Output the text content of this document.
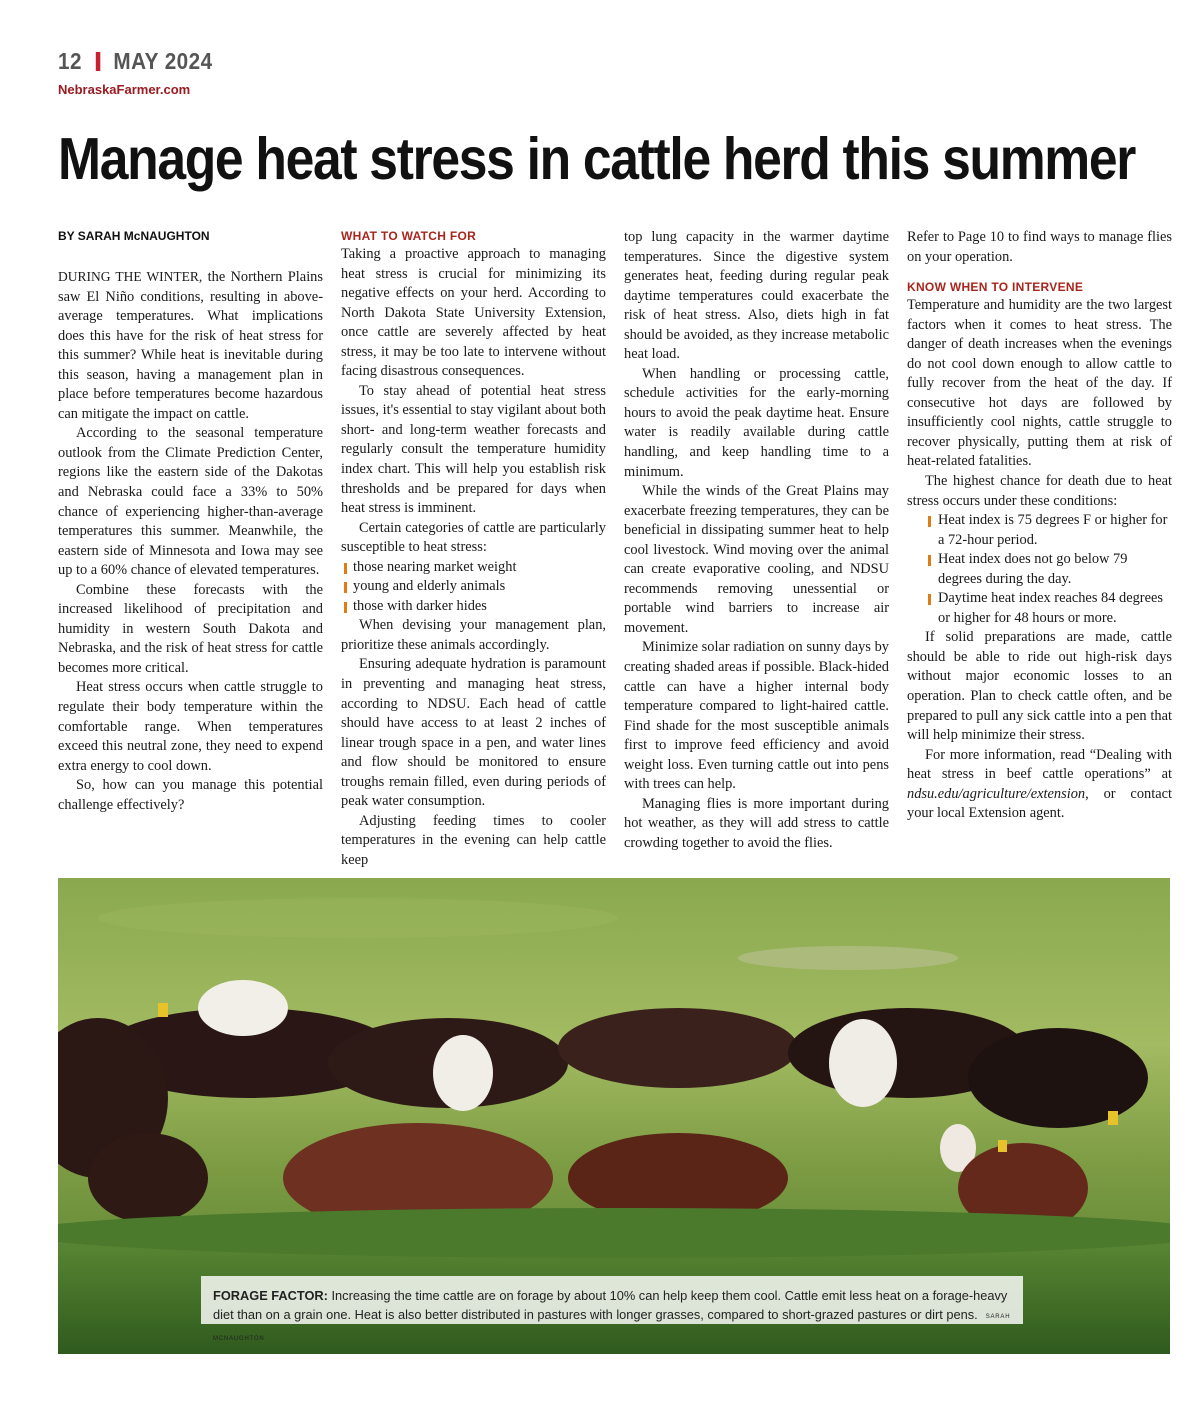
12 MAY 2024
NebraskaFarmer.com
Manage heat stress in cattle herd this summer
BY SARAH McNAUGHTON

DURING THE WINTER, the Northern Plains saw El Niño conditions, resulting in above-average temperatures. What implications does this have for the risk of heat stress for this summer? While heat is inevitable during this season, having a management plan in place before temperatures become hazardous can mitigate the impact on cattle.

According to the seasonal temperature outlook from the Climate Prediction Center, regions like the eastern side of the Dakotas and Nebraska could face a 33% to 50% chance of experiencing higher-than-average temperatures this summer. Meanwhile, the eastern side of Minnesota and Iowa may see up to a 60% chance of elevated temperatures.

Combine these forecasts with the increased likelihood of precipitation and humidity in western South Dakota and Nebraska, and the risk of heat stress for cattle becomes more critical.

Heat stress occurs when cattle struggle to regulate their body temperature within the comfortable range. When temperatures exceed this neutral zone, they need to expend extra energy to cool down.

So, how can you manage this potential challenge effectively?

WHAT TO WATCH FOR

Taking a proactive approach to managing heat stress is crucial for minimizing its negative effects on your herd. According to North Dakota State University Extension, once cattle are severely affected by heat stress, it may be too late to intervene without facing disastrous consequences.

To stay ahead of potential heat stress issues, it's essential to stay vigilant about both short- and long-term weather forecasts and regularly consult the temperature humidity index chart. This will help you establish risk thresholds and be prepared for days when heat stress is imminent.

Certain categories of cattle are particularly susceptible to heat stress:

those nearing market weight
young and elderly animals
those with darker hides

When devising your management plan, prioritize these animals accordingly.

Ensuring adequate hydration is paramount in preventing and managing heat stress, according to NDSU. Each head of cattle should have access to at least 2 inches of linear trough space in a pen, and water lines and flow should be monitored to ensure troughs remain filled, even during periods of peak water consumption.

Adjusting feeding times to cooler temperatures in the evening can help cattle keep

top lung capacity in the warmer daytime temperatures. Since the digestive system generates heat, feeding during regular peak daytime temperatures could exacerbate the risk of heat stress. Also, diets high in fat should be avoided, as they increase metabolic heat load.

When handling or processing cattle, schedule activities for the early-morning hours to avoid the peak daytime heat. Ensure water is readily available during cattle handling, and keep handling time to a minimum.

While the winds of the Great Plains may exacerbate freezing temperatures, they can be beneficial in dissipating summer heat to help cool livestock. Wind moving over the animal can create evaporative cooling, and NDSU recommends removing unessential or portable wind barriers to increase air movement.

Minimize solar radiation on sunny days by creating shaded areas if possible. Black-hided cattle can have a higher internal body temperature compared to light-haired cattle. Find shade for the most susceptible animals first to improve feed efficiency and avoid weight loss. Even turning cattle out into pens with trees can help.

Managing flies is more important during hot weather, as they will add stress to cattle crowding together to avoid the flies.

Refer to Page 10 to find ways to manage flies on your operation.

KNOW WHEN TO INTERVENE

Temperature and humidity are the two largest factors when it comes to heat stress. The danger of death increases when the evenings do not cool down enough to allow cattle to fully recover from the heat of the day. If consecutive hot days are followed by insufficiently cool nights, cattle struggle to recover physically, putting them at risk of heat-related fatalities.

The highest chance for death due to heat stress occurs under these conditions:

Heat index is 75 degrees F or higher for a 72-hour period.
Heat index does not go below 79 degrees during the day.
Daytime heat index reaches 84 degrees or higher for 48 hours or more.

If solid preparations are made, cattle should be able to ride out high-risk days without major economic losses to an operation. Plan to check cattle often, and be prepared to pull any sick cattle into a pen that will help minimize their stress.

For more information, read “Dealing with heat stress in beef cattle operations” at ndsu.edu/agriculture/extension, or contact your local Extension agent.

FORAGE FACTOR: Increasing the time cattle are on forage by about 10% can help keep them cool. Cattle emit less heat on a forage-heavy diet than on a grain one. Heat is also better distributed in pastures with longer grasses, compared to short-grazed pastures or dirt pens. SARAH MCNAUGHTON
